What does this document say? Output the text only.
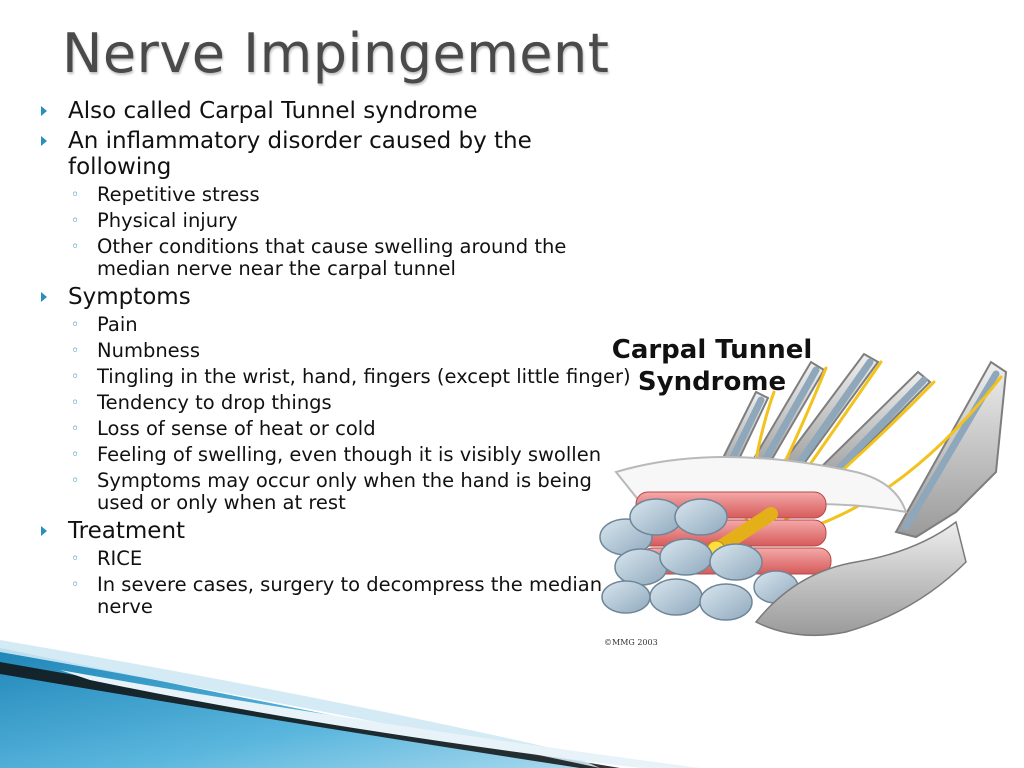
Nerve Impingement
Also called Carpal Tunnel syndrome
An inflammatory disorder caused by the following
◦ Repetitive stress
◦ Physical injury
◦ Other conditions that cause swelling around the median nerve near the carpal tunnel
Symptoms
◦ Pain
◦ Numbness
◦ Tingling in the wrist, hand, fingers (except little finger)
◦ Tendency to drop things
◦ Loss of sense of heat or cold
◦ Feeling of swelling, even though it is visibly swollen
◦ Symptoms may occur only when the hand is being used or only when at rest
Treatment
◦ RICE
◦ In severe cases, surgery to decompress the median nerve
Carpal Tunnel
Syndrome
©MMG 2003
